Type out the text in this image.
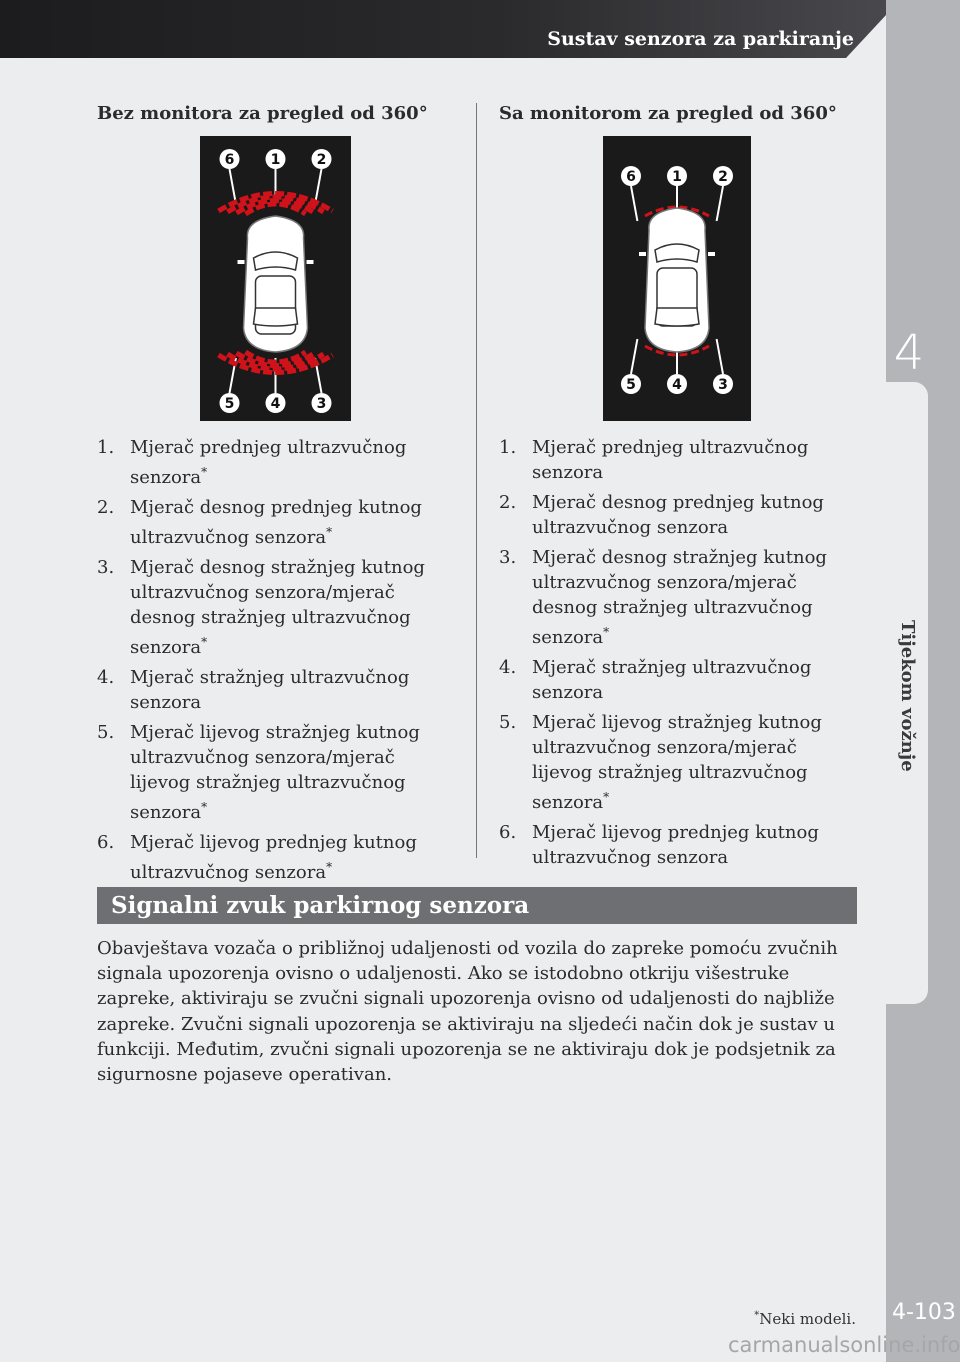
Sustav senzora za parkiranje
4
Tijekom vožnje
4-103

Bez monitora za pregled od 360°

6	1	2
5	4	3
1. Mjerač prednjeg ultrazvučnog senzora*
2. Mjerač desnog prednjeg kutnog ultrazvučnog senzora*
3. Mjerač desnog stražnjeg kutnog ultrazvučnog senzora/mjerač desnog stražnjeg ultrazvučnog senzora*
4. Mjerač stražnjeg ultrazvučnog senzora
5. Mjerač lijevog stražnjeg kutnog ultrazvučnog senzora/mjerač lijevog stražnjeg ultrazvučnog senzora*
6. Mjerač lijevog prednjeg kutnog ultrazvučnog senzora*

Sa monitorom za pregled od 360°

6	1	2
5	4	3
1. Mjerač prednjeg ultrazvučnog senzora
2. Mjerač desnog prednjeg kutnog ultrazvučnog senzora
3. Mjerač desnog stražnjeg kutnog ultrazvučnog senzora/mjerač desnog stražnjeg ultrazvučnog senzora*
4. Mjerač stražnjeg ultrazvučnog senzora
5. Mjerač lijevog stražnjeg kutnog ultrazvučnog senzora/mjerač lijevog stražnjeg ultrazvučnog senzora*
6. Mjerač lijevog prednjeg kutnog ultrazvučnog senzora
Signalni zvuk parkirnog senzora

Obavještava vozača o približnoj udaljenosti od vozila do zapreke pomoću zvučnih signala upozorenja ovisno o udaljenosti. Ako se istodobno otkriju višestruke zapreke, aktiviraju se zvučni signali upozorenja ovisno od udaljenosti do najbliže zapreke. Zvučni signali upozorenja se aktiviraju na sljedeći način dok je sustav u funkciji. Međutim, zvučni signali upozorenja se ne aktiviraju dok je podsjetnik za sigurnosne pojaseve operativan.

*Neki modeli.
carmanualsonline.info
